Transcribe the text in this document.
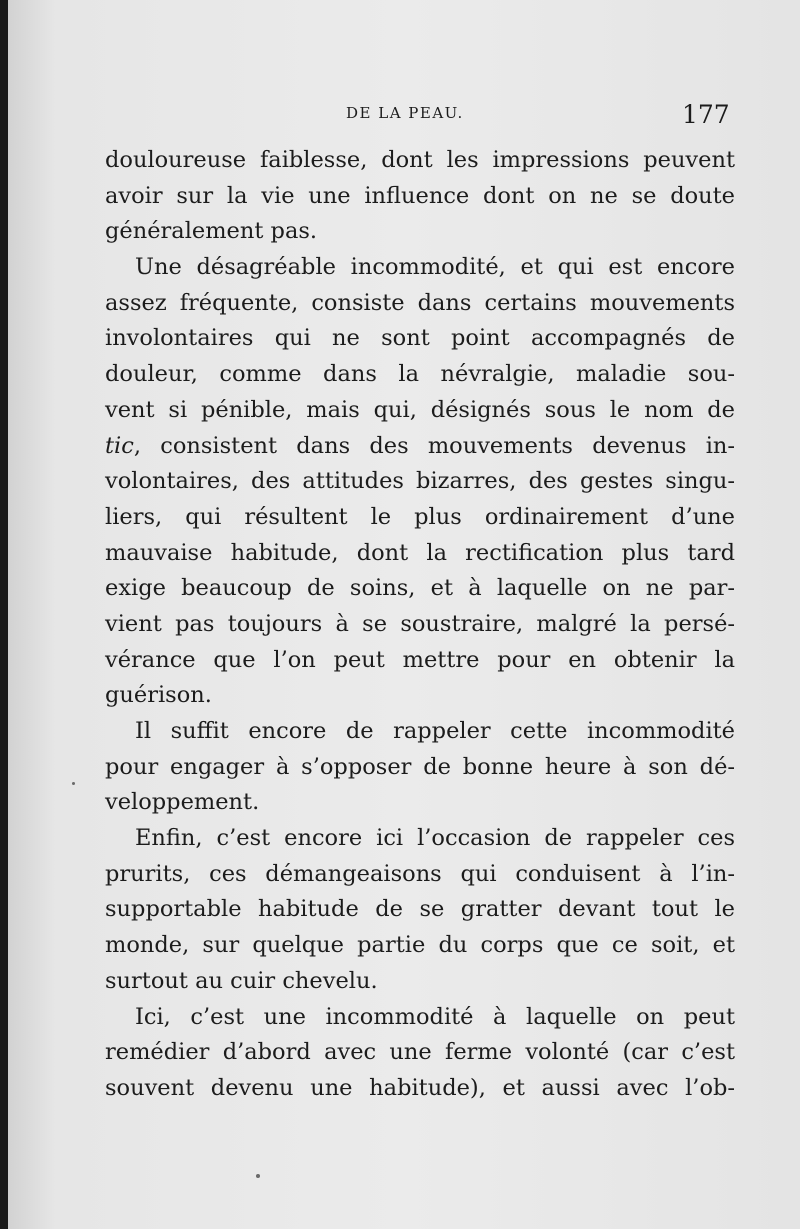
DE LA PEAU.	177
douloureuse faiblesse, dont les impressions peuvent
avoir sur la vie une influence dont on ne se doute
généralement pas.
Une désagréable incommodité, et qui est encore
assez fréquente, consiste dans certains mouvements
involontaires qui ne sont point accompagnés de
douleur, comme dans la névralgie, maladie sou-
vent si pénible, mais qui, désignés sous le nom de
tic, consistent dans des mouvements devenus in-
volontaires, des attitudes bizarres, des gestes singu-
liers, qui résultent le plus ordinairement d’une
mauvaise habitude, dont la rectification plus tard
exige beaucoup de soins, et à laquelle on ne par-
vient pas toujours à se soustraire, malgré la persé-
vérance que l’on peut mettre pour en obtenir la
guérison.
Il suffit encore de rappeler cette incommodité
pour engager à s’opposer de bonne heure à son dé-
veloppement.
Enfin, c’est encore ici l’occasion de rappeler ces
prurits, ces démangeaisons qui conduisent à l’in-
supportable habitude de se gratter devant tout le
monde, sur quelque partie du corps que ce soit, et
surtout au cuir chevelu.
Ici, c’est une incommodité à laquelle on peut
remédier d’abord avec une ferme volonté (car c’est
souvent devenu une habitude), et aussi avec l’ob-
